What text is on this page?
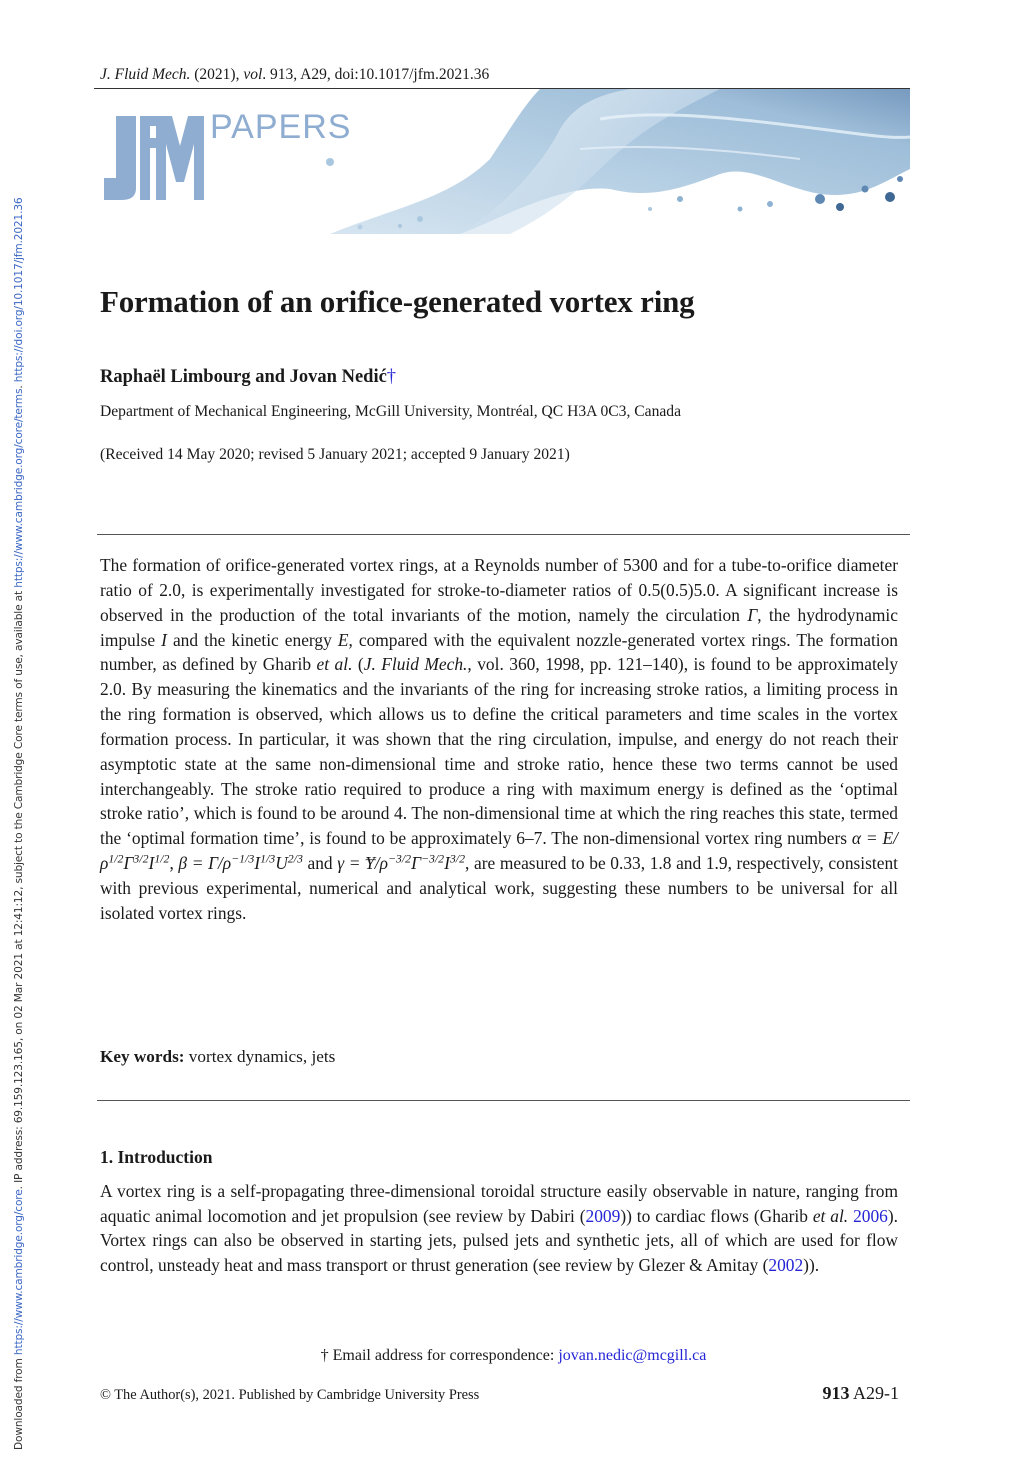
Downloaded from https://www.cambridge.org/core. IP address: 69.159.123.165, on 02 Mar 2021 at 12:41:12, subject to the Cambridge Core terms of use, available at https://www.cambridge.org/core/terms. https://doi.org/10.1017/jfm.2021.36
J. Fluid Mech. (2021), vol. 913, A29, doi:10.1017/jfm.2021.36
PAPERS
Formation of an orifice-generated vortex ring
Raphaël Limbourg and Jovan Nedić†
Department of Mechanical Engineering, McGill University, Montréal, QC H3A 0C3, Canada
(Received 14 May 2020; revised 5 January 2021; accepted 9 January 2021)

The formation of orifice-generated vortex rings, at a Reynolds number of 5300 and for a tube-to-orifice diameter ratio of 2.0, is experimentally investigated for stroke-to-diameter ratios of 0.5(0.5)5.0. A significant increase is observed in the production of the total invariants of the motion, namely the circulation Γ, the hydrodynamic impulse I and the kinetic energy E, compared with the equivalent nozzle-generated vortex rings. The formation number, as defined by Gharib et al. (J. Fluid Mech., vol. 360, 1998, pp. 121–140), is found to be approximately 2.0. By measuring the kinematics and the invariants of the ring for increasing stroke ratios, a limiting process in the ring formation is observed, which allows us to define the critical parameters and time scales in the vortex formation process. In particular, it was shown that the ring circulation, impulse, and energy do not reach their asymptotic state at the same non-dimensional time and stroke ratio, hence these two terms cannot be used interchangeably. The stroke ratio required to produce a ring with maximum energy is defined as the ‘optimal stroke ratio’, which is found to be around 4. The non-dimensional time at which the ring reaches this state, termed the ‘optimal formation time’, is found to be approximately 6–7. The non-dimensional vortex ring numbers $\alpha = E/\rho^{1/2}\Gamma^{3/2}I^{1/2}$, $\beta = \Gamma/\rho^{-1/3}I^{1/3}U^{2/3}$ and $\gamma = Ɏ/\rho^{-3/2}\Gamma^{-3/2}I^{3/2}$, are measured to be 0.33, 1.8 and 1.9, respectively, consistent with previous experimental, numerical and analytical work, suggesting these numbers to be universal for all isolated vortex rings.

Key words: vortex dynamics, jets
1. Introduction

A vortex ring is a self-propagating three-dimensional toroidal structure easily observable in nature, ranging from aquatic animal locomotion and jet propulsion (see review by Dabiri (2009)) to cardiac flows (Gharib et al. 2006). Vortex rings can also be observed in starting jets, pulsed jets and synthetic jets, all of which are used for flow control, unsteady heat and mass transport or thrust generation (see review by Glezer & Amitay (2002)).

† Email address for correspondence: jovan.nedic@mcgill.ca
© The Author(s), 2021. Published by Cambridge University Press	913 A29-1
